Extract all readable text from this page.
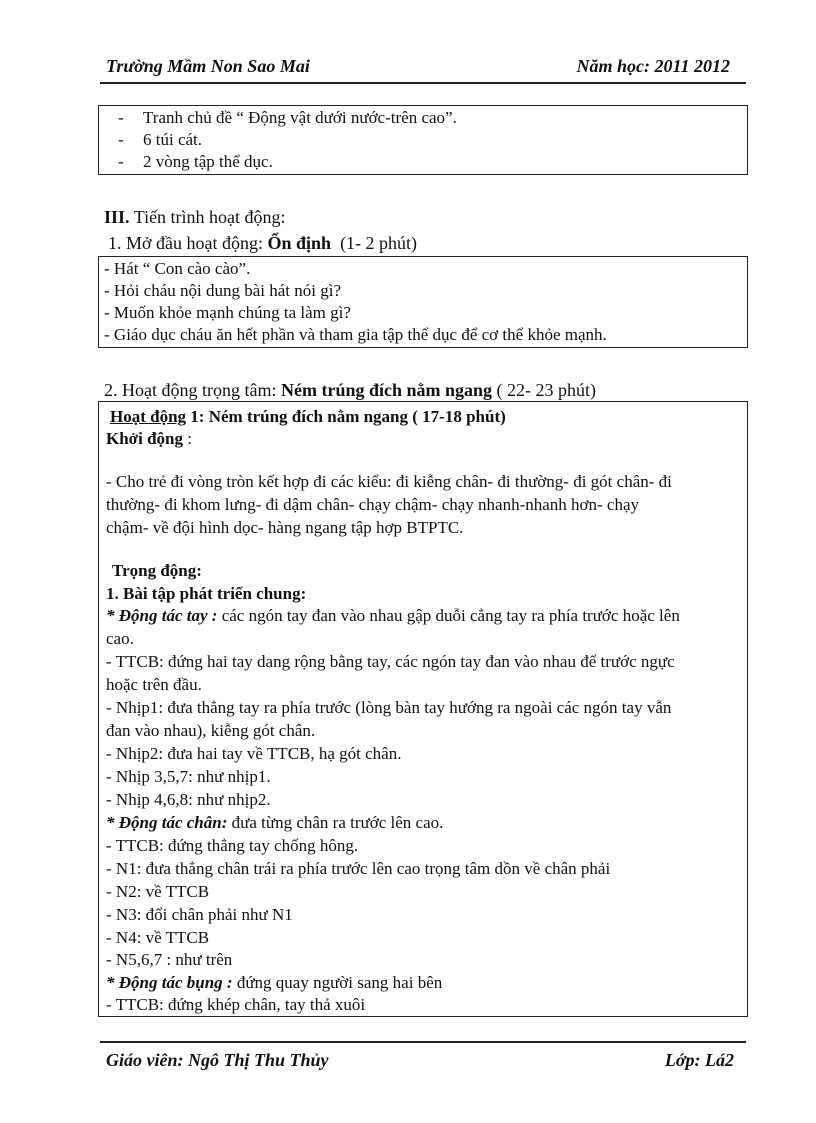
Trường Mầm Non Sao Mai	Năm học: 2011 2012
- Tranh chủ đề “ Động vật dưới nước-trên cao”.
- 6 túi cát.
- 2 vòng tập thể dục.
III. Tiến trình hoạt động:
1. Mở đầu hoạt động: Ổn định (1- 2 phút)
- Hát “ Con cào cào”.
- Hỏi cháu nội dung bài hát nói gì?
- Muốn khỏe mạnh chúng ta làm gì?
- Giáo dục cháu ăn hết phần và tham gia tập thể dục để cơ thể khỏe mạnh.
2. Hoạt động trọng tâm: Ném trúng đích nằm ngang ( 22- 23 phút)
Hoạt động 1: Ném trúng đích nằm ngang ( 17-18 phút)
Khởi động :
- Cho trẻ đi vòng tròn kết hợp đi các kiểu: đi kiễng chân- đi thường- đi gót chân- đi
thường- đi khom lưng- đi dậm chân- chạy chậm- chạy nhanh-nhanh hơn- chạy
chậm- về đội hình dọc- hàng ngang tập hợp BTPTC.
Trọng động:
1. Bài tập phát triển chung:
* Động tác tay : các ngón tay đan vào nhau gập duỗi cẳng tay ra phía trước hoặc lên
cao.
- TTCB: đứng hai tay dang rộng bằng tay, các ngón tay đan vào nhau để trước ngực
hoặc trên đầu.
- Nhịp1: đưa thẳng tay ra phía trước (lòng bàn tay hướng ra ngoài các ngón tay vẫn
đan vào nhau), kiễng gót chân.
- Nhịp2: đưa hai tay về TTCB, hạ gót chân.
- Nhịp 3,5,7: như nhịp1.
- Nhịp 4,6,8: như nhịp2.
* Động tác chân: đưa từng chân ra trước lên cao.
- TTCB: đứng thẳng tay chống hông.
- N1: đưa thẳng chân trái ra phía trước lên cao trọng tâm dồn về chân phải
- N2: về TTCB
- N3: đổi chân phải như N1
- N4: về TTCB
- N5,6,7 : như trên
* Động tác bụng : đứng quay người sang hai bên
- TTCB: đứng khép chân, tay thả xuôi
Giáo viên: Ngô Thị Thu Thủy	Lớp: Lá2
